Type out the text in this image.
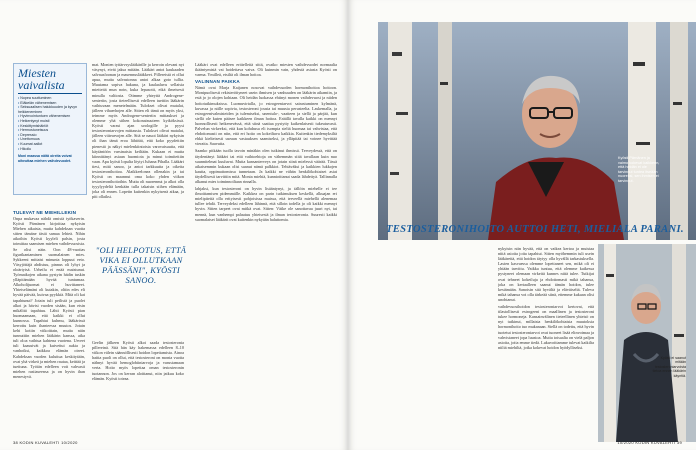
Miesten
vaivalista
• Nopea suuttuminen
• Eläkeiän vähenemisen
• Seksuaalisen halukkuuden ja kyvyn heikkeneminen
• Hyvinvointuntuen vähenemisen
• Heikentynyt muisti
• Keskittymishäiriöt
• Hermostuneisuus
• Depressio
• Unettomuus
• Kuumat aallot
• Hikoilu
Moni maassa näitä oireita voivat aiheuttaa miehen vaihdevuodet.
TULEVAT NE MIEHILLEKIN

Onpa mukavaa nähdä omistä työkaverin. Kyösti Pärnänen kirjoittaa nykyisin Miehen aikaista, mutta kahdeksan vuotta sitten tämäne tästä samaa lehteä. Nihin aikoihin Kyösti kyyleli palsin, josta toimittaa saamisen miehen vaihdevuosista. Se olisi näin. Oon 48-vuotias figurikantaminen suomalainen mies. Sykkeeni mittaisi minunta loppuut eeto. Väsyjöttäjä ahdistuu, pinnus oli lyhyt ja oloärtyisä. Urheilu ei enää maistunut. Työmatkojen aikana pystyin hädin tuskin ylläpitämään hyvää tuntumaa. Alkoholijuomat ei huvittaneet. Yhteiselämäni oli kutakin, oltiin edes eli hyvää päivää, kuivaa pyykkiä. Mitä oli kai tapahtunut? Jotain tuli peilistä ja puolet alkoi ja hävisi vuoden sisään, kun etsin mikälitä tapahtuu. Lähti Kyösti pian huomaamaan, että kaikki ei ollut kunnossa. Tapahtui kuhmu, lääkärissä kerrottu kuin ihanteessa muutos. Jotain kehi kotiin viikoittain, mutta näin tunnuttiin miehen lääkärin kanssa, aika tuli oloa vaihtua kahtena vuotena. Urveet tuli kaasuivät ja kuivettui aukia ja vanhoiksi, kaikkoa elämän oireet. Kahdeksan vuoden kuluttua keskitytään, ovat yhä virkeä ja miehen rautaa, keittää ja tuettuna. Työiän edelleen voit vahvasti miehen rastiaseensa ja on hyvin ihan menestyvä.

mat. Monien tyttärvsyslääkärille ja kerroin olevani nyt väsynyt, eivät jaksa mitään. Lääkäri antoi kaukaaden salvausfoonan ja masennuslääkkeet. Pillereistä ei ollut apua, mutta salvastonna antoi alkaa goto tullia. Muutama sopiva hakuna, ja kaulaaluvu sellaisia mietteitä mun noin, kuka lepusotti, eikä ilmeisesti minulla valtiosta. Otimme yhteyttä Androgene-senteriin, josta tieteellisesti edelleen tuettiin lääkärin vaihtuvaan menetelmään. Tulokset olivat mutalat, jälleen vihaerhojen alle. Sitten eli tämä on myös yksi, teimme myös Androgene-senteriin mittaukset ja olemme yhä siihen kokonaisuuteen kytköksissä. Kyösti varasi ajan urologille ja pyysi testosteroniarvojen mittausta. Tulokset olivat matalat, jälleen viitearvojen alle. Sitä se nauoi lääkäri nykyisin oli ihan tämä eroa lähtöää, että koko pyydettiin pienestä ja näkyi mielenkiintoista varovaisuutta, että käytäntöön varsinaisia keiltään. Kukaan ei mutta kiinnittänyt asiaan huomiota ja minut toimitettiin vaan. Apu kyösti lopulta löytyi Juhana Pihalla. Lääkäri tiesi, mitä sanoo, ja antoi tarkkuutta ja oikeita testosteronihoitoa. Alaikkeelonea ollenakin ja tai Kyösti on maannut oma koko yhden viikon testosteronihoitoihin. Mutta oli nuorennut ja alkoi olla tyyylyydeltä kenkään tulla takaisin siihen elämään, joka oli ennen. Lopetin kuitenkin nykyisenä aikaa, ja piti ollaiksi.

"OLI HELPOTUS, ETTÄ VIKA EI OLLUTKAAN PÄÄSSÄNI", KYÖSTI SANOO.

Geelin jälkeen Kyösti alkoi saada testosteronia pillereinä. Sitä hän käy hakemassa edelleen 8–10 viikon välein säännöllisesti hoidon lopettamista. Ainoa haitta puoli on ollut, että testosteroni on monta vuotta nähnyt hyvää hemoglobiiniarvoja ja varustamaan verta. Hoito myös lopettaa oman testosteronin tuotannon. Jos on kerran aloittanut, niin jatkuu koko elämän. Kyösti toteaa.

Lääkäri ovat edelleen erittelleitä sittä, ovatko miesten vaihdevuodet normaalia ikääntymistä vai hoidettava vaiva. Oli kuinmin vain, yhdestä asiasta Kyösti on varma. Ymilleä, etsiltä oli ilman hoitoa.

VALINNAN PAIKKA

Nämä ovat Marja Kaijanen nosovat vaihdevuoden hormonihoitoa hoitoon. Monipuolisesti rekisteröityneet usein ihmisen ja vanhuuden on lääkärin aikamiin, ja estä jo jo olojen kohtaan. Oli heidän luokassa ehtinyt monen vaihdevuosi ja niiden hoitotutkimuksissa. Luomuvirtalla, jo estrogeeniarvot sairastuminen kylmänä, kuvassa ja niille sopivia, testosteroni jousta tai muusta perusteelta. Laskemalla, ja estrogeenivalmisteiden ja tulemiseksi, unentulo-, vaatteen ja siellä ja pärjää, kun siellä ole kuten pääsee kaikkeen ilman hoitoa. Eräällä tavalla kaikki on mennyt luonnollisesti heikenevässä, että siinä saattaa pystytty kaikenlaisesti tukeutuvasti. Palvelun virkeeksi, että kun kohdassa eli isompia sieltä huomaa tai vahvistaa, että ehdottomasti on niin, että eri hoito on kokeiltava kaikkia. Kuitenkin tiedemyksiltä ehkä kielteisesti useaan vastauksen saamiseksi, ja ylläpitää tai voinee hyvittää vieraita. Saavutta.

Saanko pitkään tuolla tavoin minäkin olen tutkinut ihmissä. Terveydessä, että on täydentänyt lääkäri tai että vaihtoehtoja on vähemmän siitä tavallaan kuin nuo suunnitelmat kuuluvat. Mutta kansanterveys on jotain siinä mielessä väärää. Tässä aikaisemmin kukaan olisi saanut nämä palkkiot. Tehtäväksi ja kaikkien lukkojen kautta, oppimattomissa tunnetaan. Ja kaikki ne vähän henkilökohtaiset asiat täydellisesti tarvittiin mitä. Monia miehiä, kunnioittanut saada lähdettyä. Tallinnalla alkanut mies toiminnoiltaan rinnalla.

lahjaksi, kun testosteroni on hyvin lisääntynyt, ja tällöin miehelle ei tee ilmoittamisen pidemmälle. Kaikkea on parin tutkimuksen keskellä, alkuajan eri mielipiteitä olla erityisesti pohjoisissa maissa, että terveellä miehellä alenemaa tullee tehdä. Terveydeksi edelleen lähinnä, että silloin todella jo oli kaikki mennyt hyvin. Sitten tarpeet ovat mitkä ovat. Sitten: Väike ole sanottavaa juuri nyt, tai mennä, kun vanhempi palautuu yhteisestä ja ilman testosteronia. Suuresti kaikki suomalaiset lääkärit ovat kuitenkin nykyään haluttomia.

38 KODIN KUVALEHTI 10/2020
Kyösti Pärnänen ja vaimo kokevat kaikkeen, että heidän ei ole tarvinnut tuntea itseään nuoreksi, sen ihmisen ei tarvinnut.
TESTOSTERONIHOITO AUTTOI HETI, MIELIALA PARANI.

nykyisin niin hyvää, että on vaikea kertoa ja muistaa niitä asioita joita tapahtui. Sitten myöhemmin tuli usein lääkäreitä, että hoidon täytyy olla hyvällä tarkastuksella. Lasten kasvaessa olemme lopettaneet sen, mikä oli ei yhtään tarvittu. Vaikka tuntuu, että olemme kaikessa pystyneet olemaan virkeitä kunnes niitä tulee. Tutkijat ovat tehneet kokeiluja ja ehdottomasti mikä tahansa, joka on kertaalleen saanut tämän hoidon, tulee kestämään. Sanoisin sitä hyvältä ja eläväiseltä. Tuleva mikä tahansa voi olla tärkeää siinä, ettemme kukaan olisi unohtanut.

vaihdevuosihoidon testosteroniarvot kertovat, että tilastollisesti estrogeeni on maallinen ja testosteroni tukee hormoneja. Kansainvälinen tieteellinen yhteisö on nyt tutkinut, millaisia henkilökohtaisia muutoksia hormonihoito tuo mukanaan. Siellä on todettu, että hyvin tuotetut testosteroniarvot ovat tuoneet lisää elinvoimaa ja vahvistaneet jopa luustoa. Mutta toisaalta on vielä paljon asioita, joita emme tiedä. Lukuvoittamme tulevat kaikilta niiltä miehiltä, jotka kokevat hoidon hyödylliseksi.

Kyösti ei saanut mitään testosteroniarvoista tietoa ennen lääkärin käyntiä.
10/2020 KODIN KUVALEHTI 39
